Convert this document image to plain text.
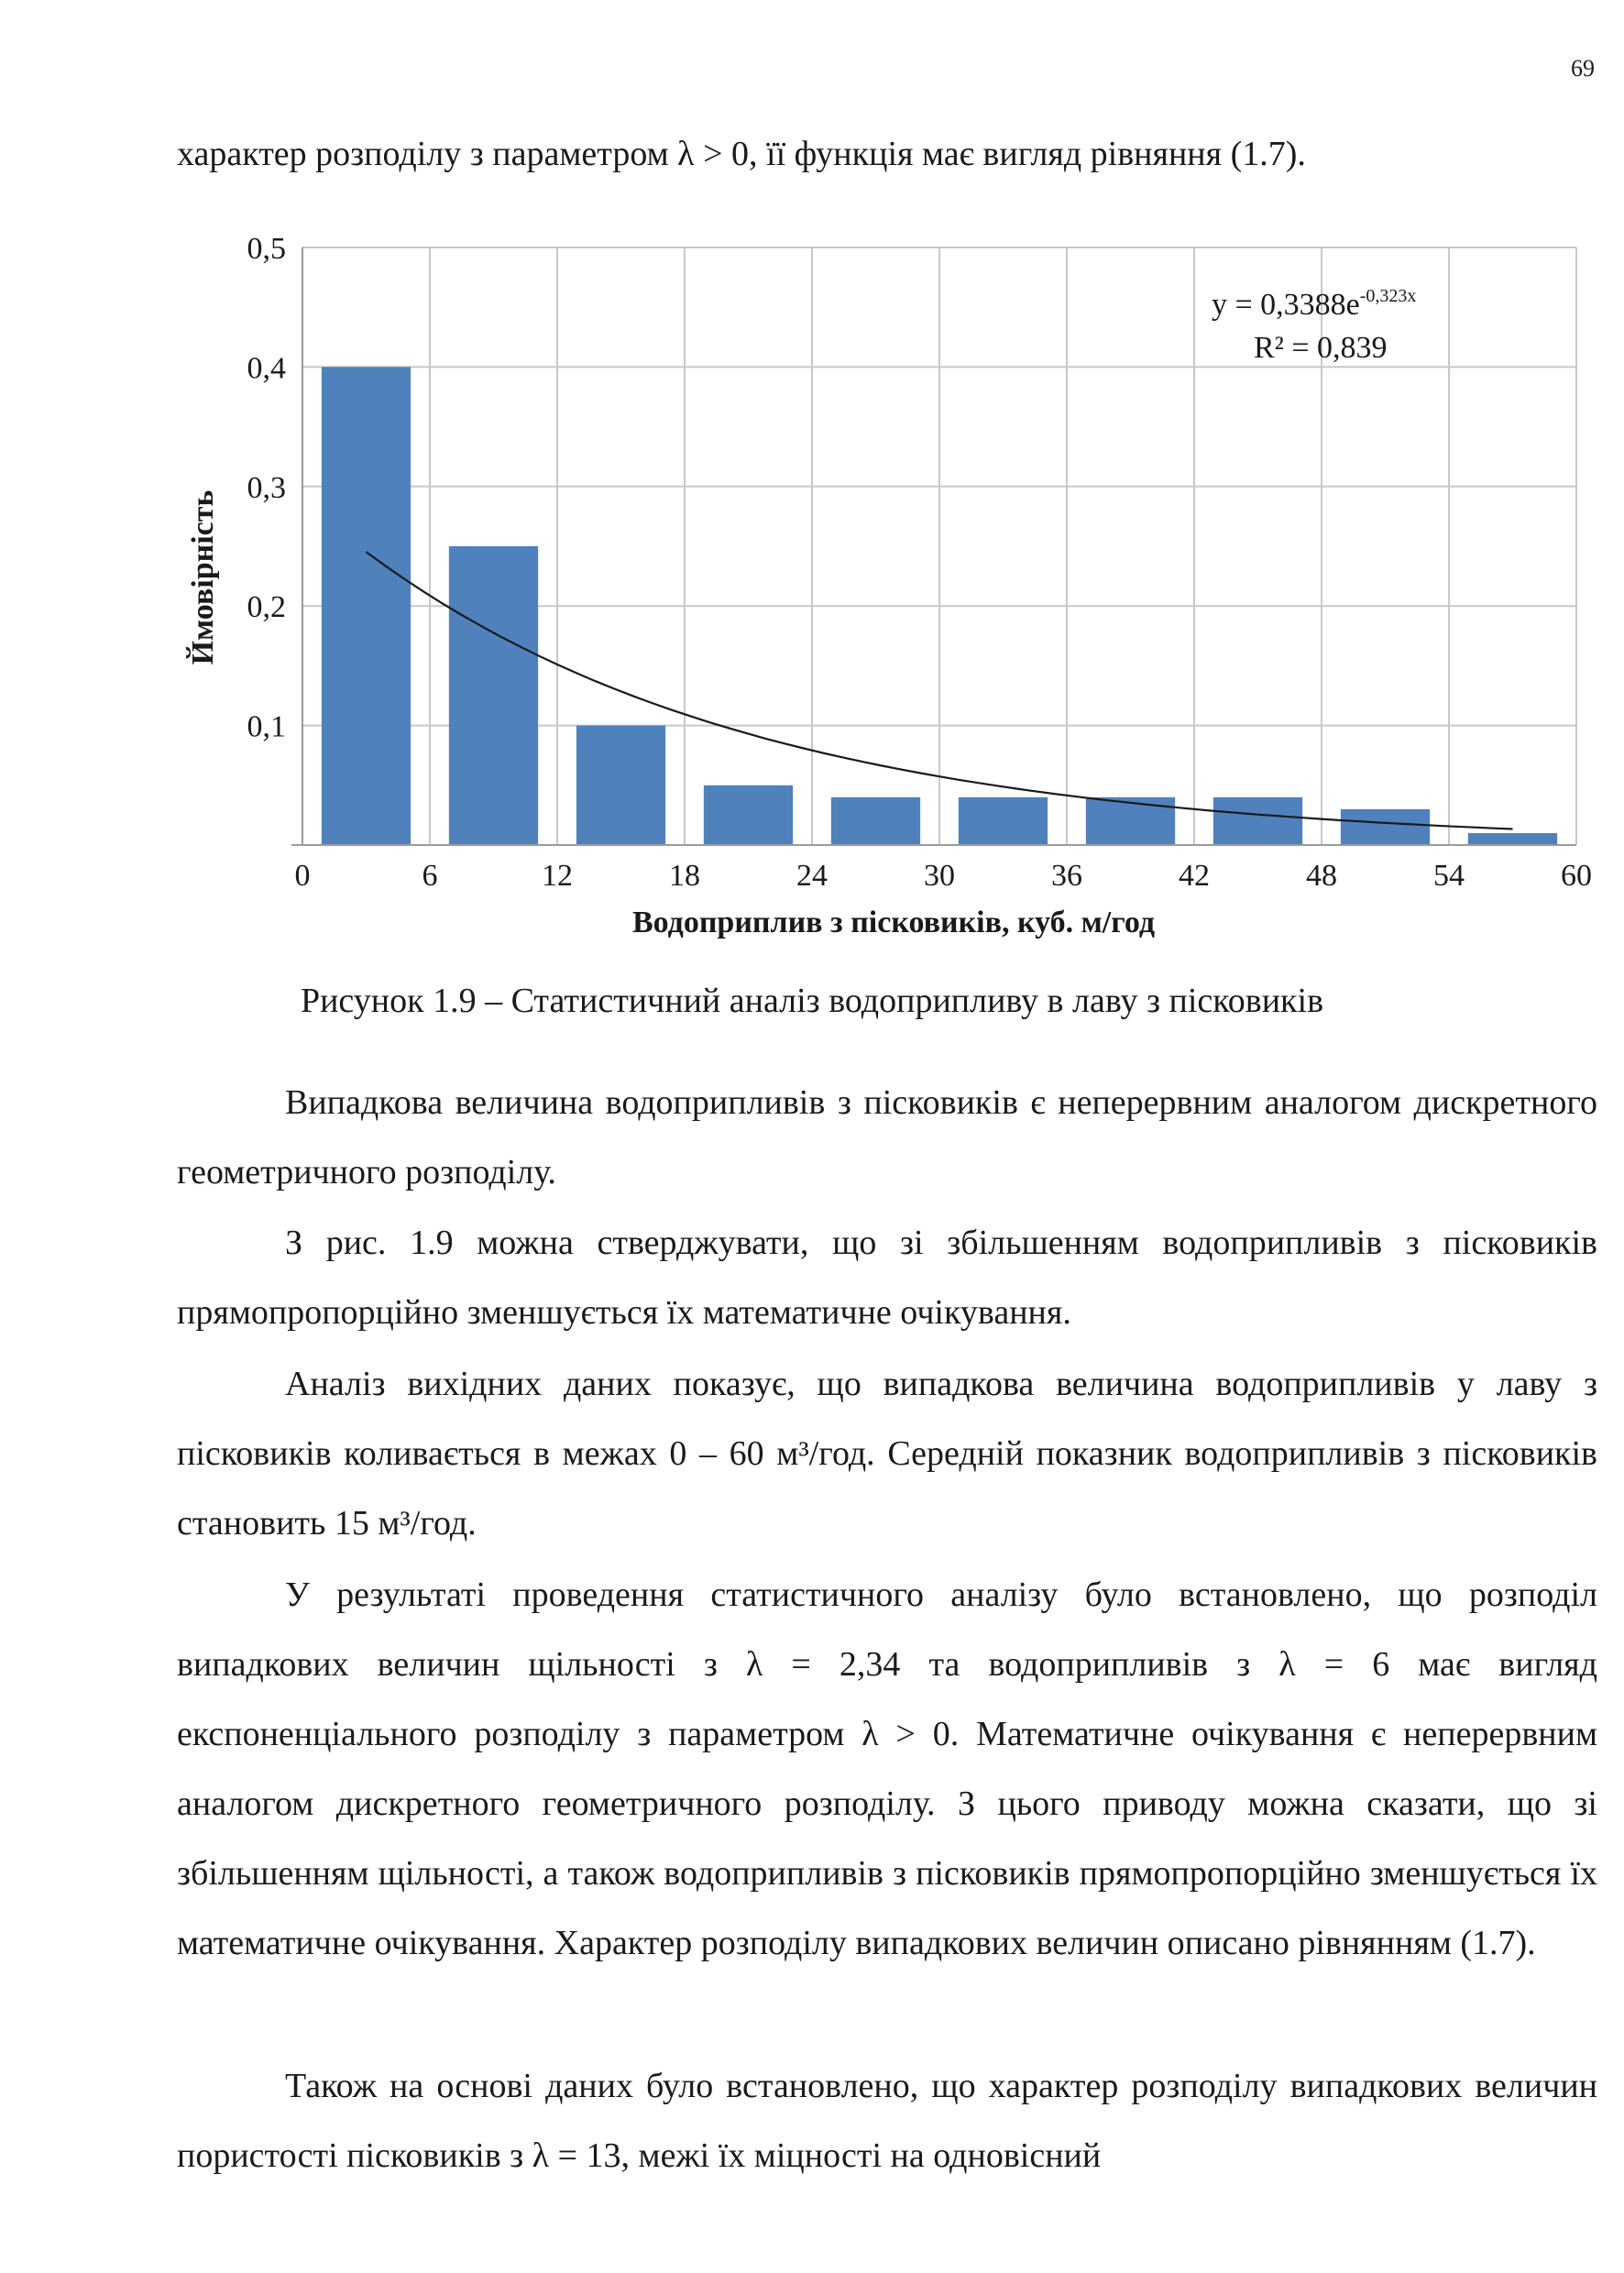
69

характер розподілу з параметром λ > 0, її функція має вигляд рівняння (1.7).

0,1
0,2
0,3
0,4
0,5
0	6	12	18	24	30	36	42	48	54	60
Ймовірність
Водоприплив з пісковиків, куб. м/год
$y = 0,3388e^{-0,323x}$
R² = 0,839

Рисунок 1.9 – Статистичний аналіз водоприпливу в лаву з пісковиків

Випадкова величина водоприпливів з пісковиків є неперервним аналогом дискретного геометричного розподілу.

З рис. 1.9 можна стверджувати, що зі збільшенням водоприпливів з пісковиків прямопропорційно зменшується їх математичне очікування.

Аналіз вихідних даних показує, що випадкова величина водоприпливів у лаву з пісковиків коливається в межах 0 – 60 м³/год. Середній показник водоприпливів з пісковиків становить 15 м³/год.

У результаті проведення статистичного аналізу було встановлено, що розподіл випадкових величин щільності з λ = 2,34 та водоприпливів з λ = 6 має вигляд експоненціального розподілу з параметром λ > 0. Математичне очікування є неперервним аналогом дискретного геометричного розподілу. З цього приводу можна сказати, що зі збільшенням щільності, а також водоприпливів з пісковиків прямопропорційно зменшується їх математичне очікування. Характер розподілу випадкових величин описано рівнянням (1.7).

Також на основі даних було встановлено, що характер розподілу випадкових величин пористості пісковиків з λ = 13, межі їх міцності на одновісний
